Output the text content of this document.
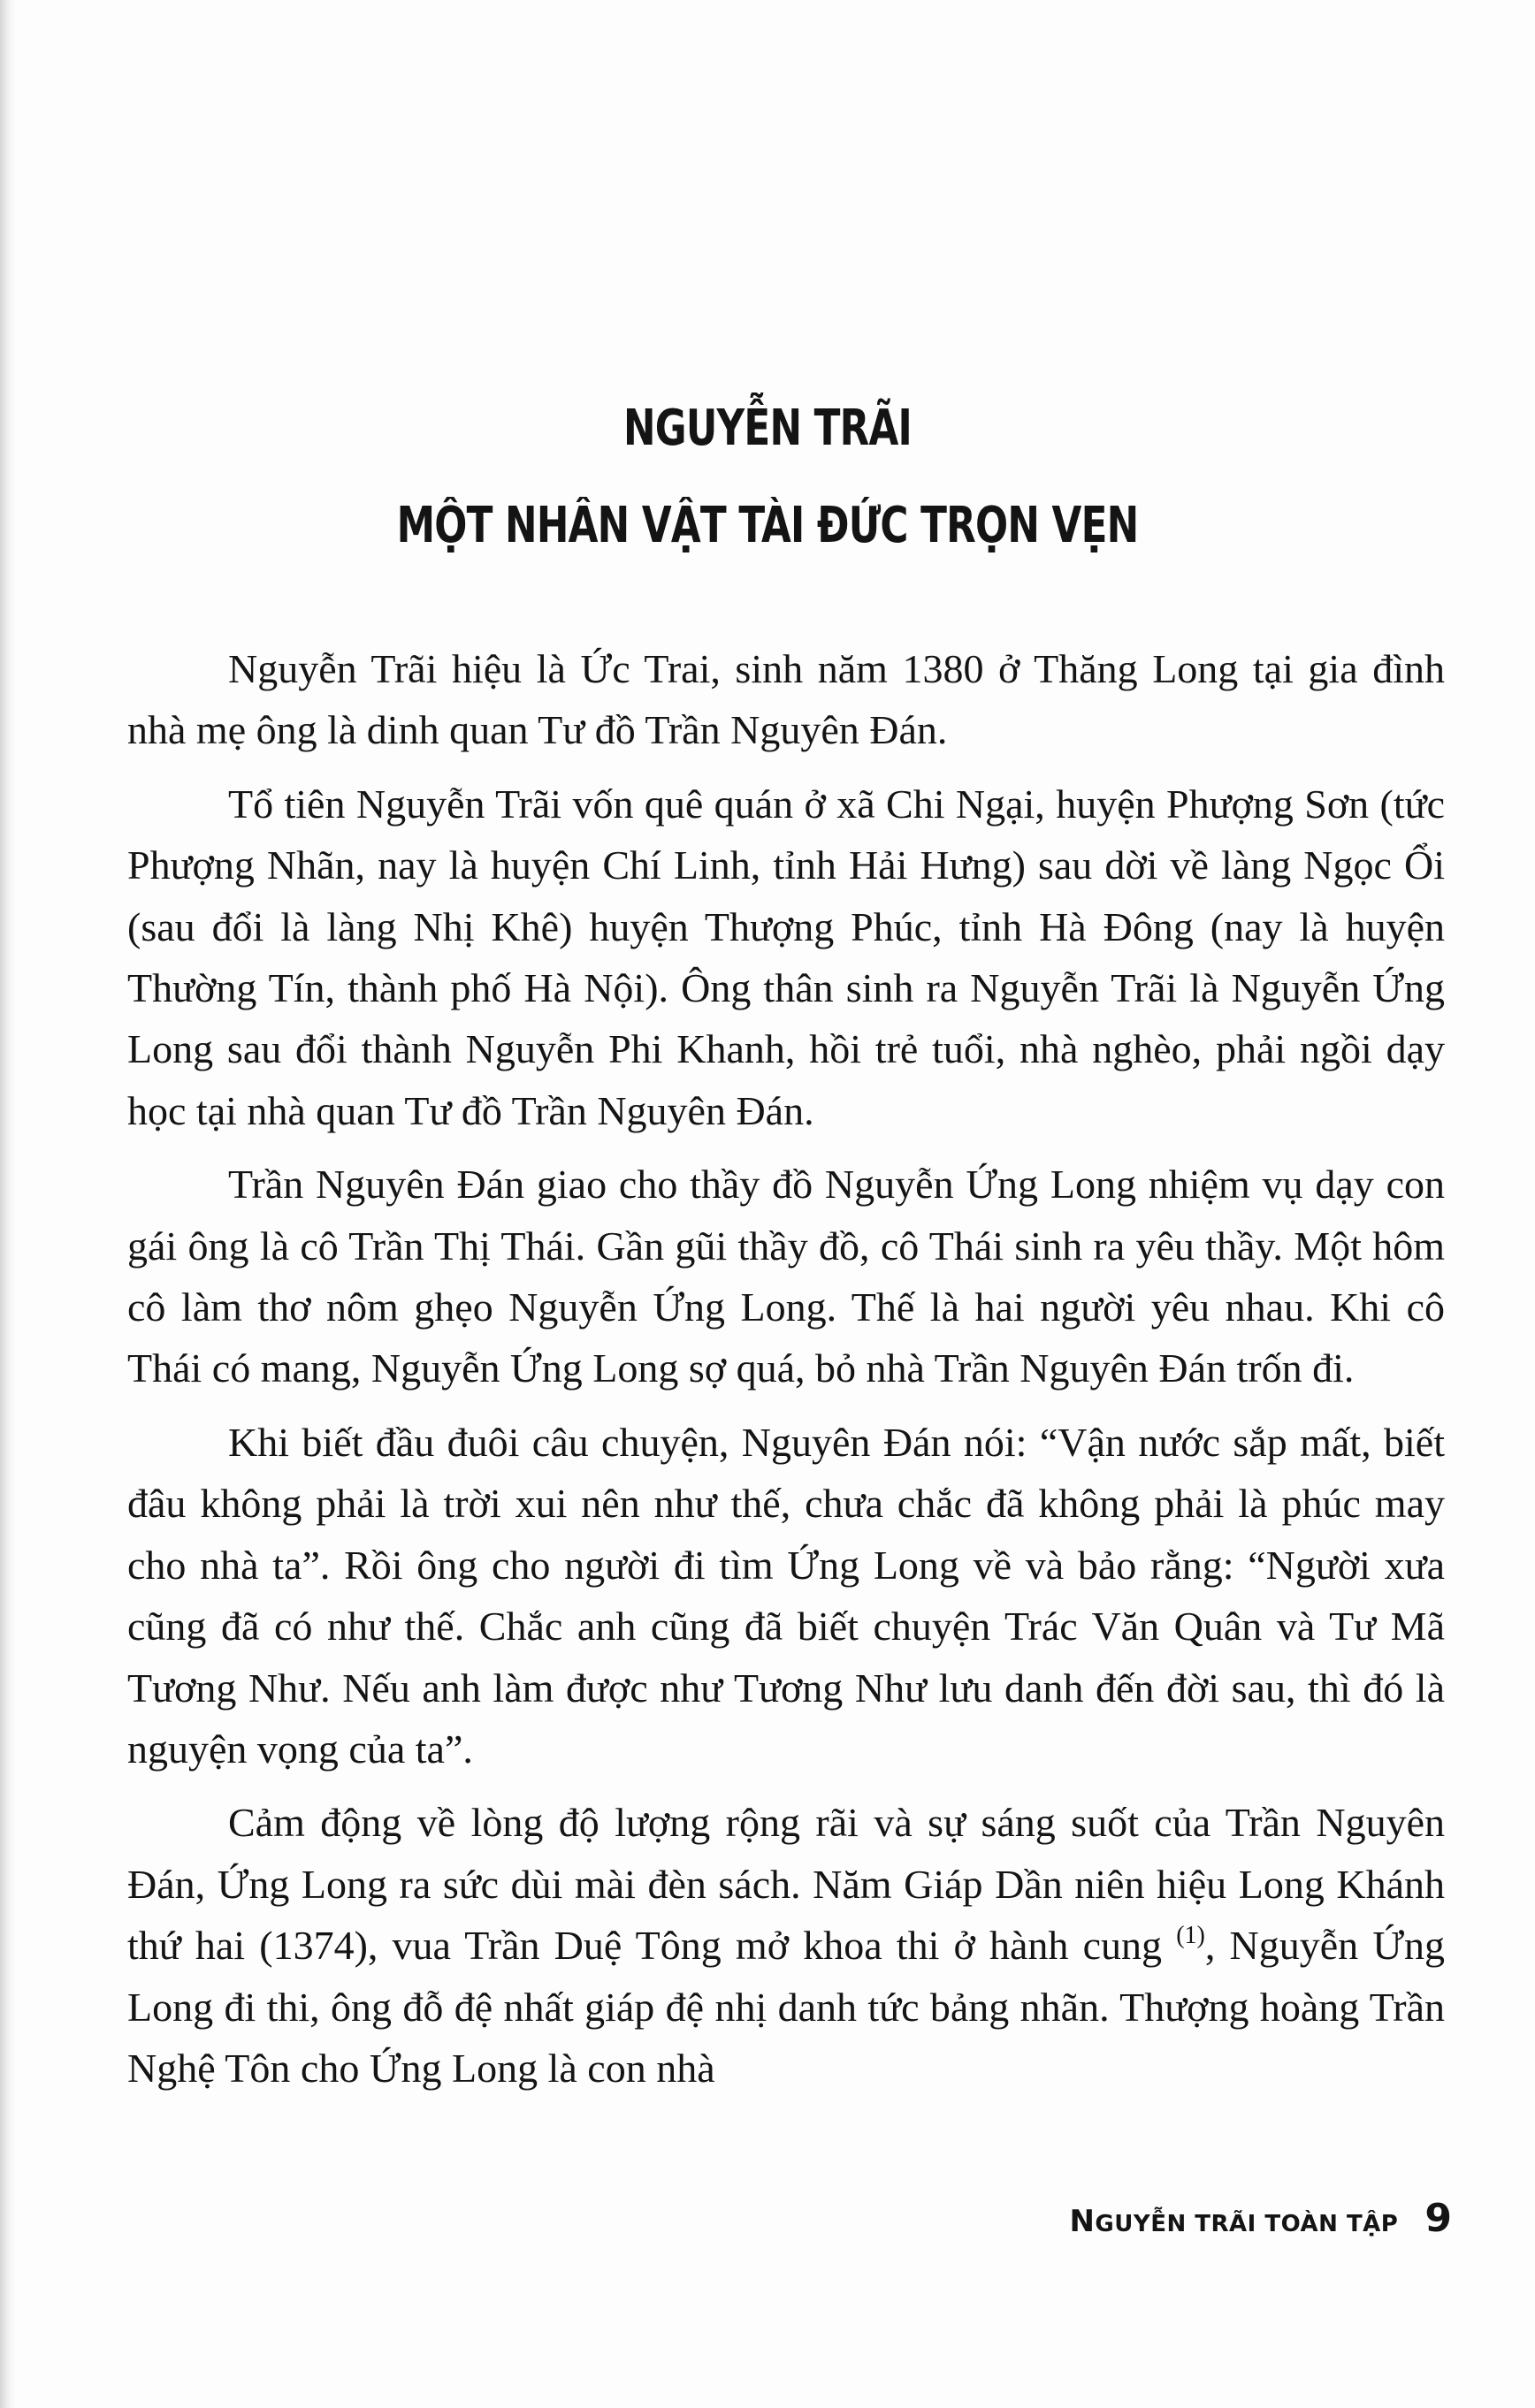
NGUYỄN TRÃI
MỘT NHÂN VẬT TÀI ĐỨC TRỌN VẸN

Nguyễn Trãi hiệu là Ức Trai, sinh năm 1380 ở Thăng Long tại gia đình nhà mẹ ông là dinh quan Tư đồ Trần Nguyên Đán.

Tổ tiên Nguyễn Trãi vốn quê quán ở xã Chi Ngại, huyện Phượng Sơn (tức Phượng Nhãn, nay là huyện Chí Linh, tỉnh Hải Hưng) sau dời về làng Ngọc Ổi (sau đổi là làng Nhị Khê) huyện Thượng Phúc, tỉnh Hà Đông (nay là huyện Thường Tín, thành phố Hà Nội). Ông thân sinh ra Nguyễn Trãi là Nguyễn Ứng Long sau đổi thành Nguyễn Phi Khanh, hồi trẻ tuổi, nhà nghèo, phải ngồi dạy học tại nhà quan Tư đồ Trần Nguyên Đán.

Trần Nguyên Đán giao cho thầy đồ Nguyễn Ứng Long nhiệm vụ dạy con gái ông là cô Trần Thị Thái. Gần gũi thầy đồ, cô Thái sinh ra yêu thầy. Một hôm cô làm thơ nôm ghẹo Nguyễn Ứng Long. Thế là hai người yêu nhau. Khi cô Thái có mang, Nguyễn Ứng Long sợ quá, bỏ nhà Trần Nguyên Đán trốn đi.

Khi biết đầu đuôi câu chuyện, Nguyên Đán nói: “Vận nước sắp mất, biết đâu không phải là trời xui nên như thế, chưa chắc đã không phải là phúc may cho nhà ta”. Rồi ông cho người đi tìm Ứng Long về và bảo rằng: “Người xưa cũng đã có như thế. Chắc anh cũng đã biết chuyện Trác Văn Quân và Tư Mã Tương Như. Nếu anh làm được như Tương Như lưu danh đến đời sau, thì đó là nguyện vọng của ta”.

Cảm động về lòng độ lượng rộng rãi và sự sáng suốt của Trần Nguyên Đán, Ứng Long ra sức dùi mài đèn sách. Năm Giáp Dần niên hiệu Long Khánh thứ hai (1374), vua Trần Duệ Tông mở khoa thi ở hành cung $^{(1)}$, Nguyễn Ứng Long đi thi, ông đỗ đệ nhất giáp đệ nhị danh tức bảng nhãn. Thượng hoàng Trần Nghệ Tôn cho Ứng Long là con nhà

NGUYỄN TRÃI TOÀN TẬP 9
